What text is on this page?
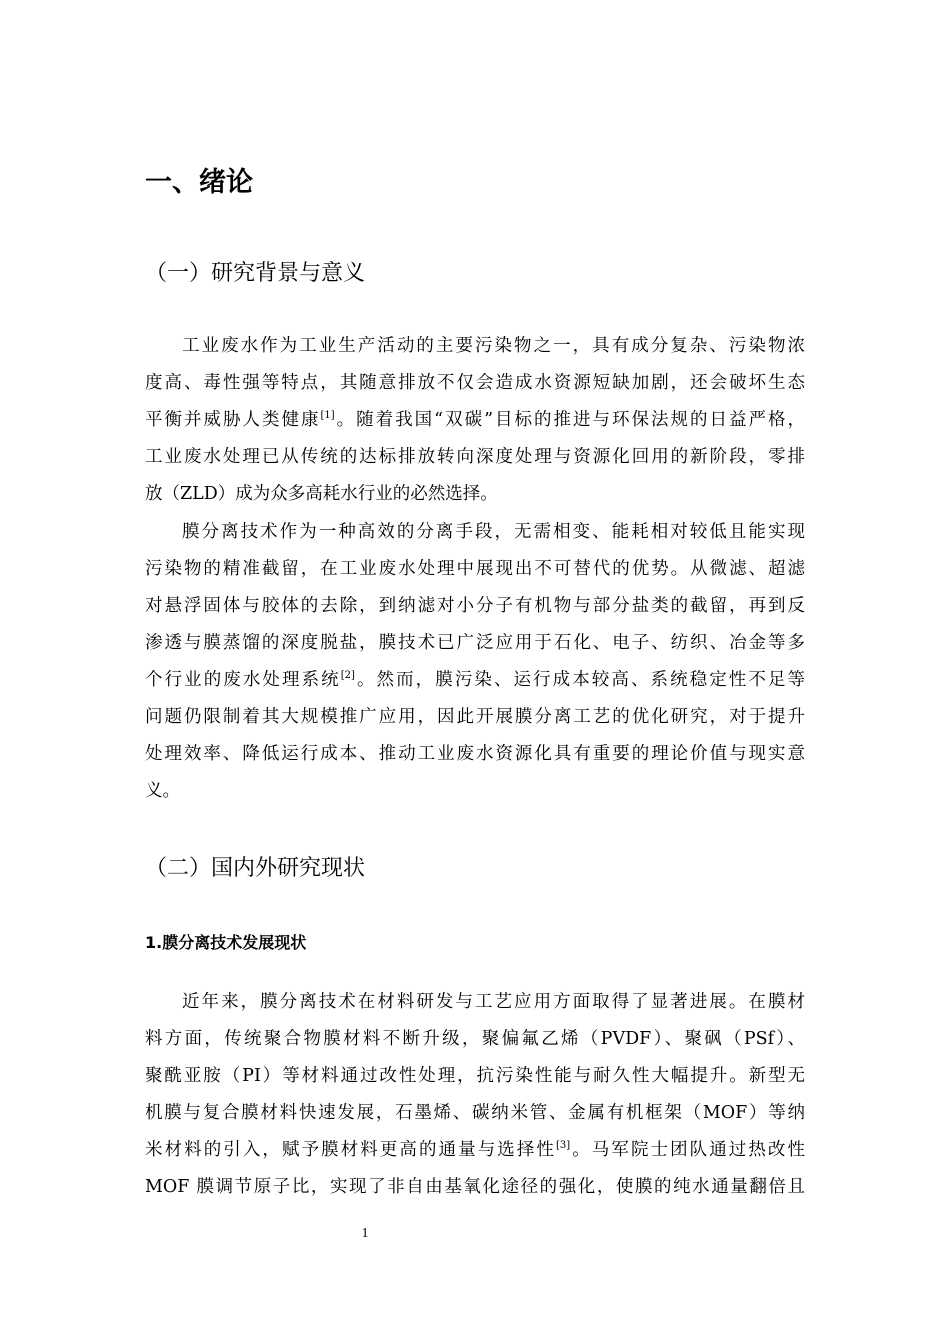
一、绪论
（一）研究背景与意义
工业废水作为工业生产活动的主要污染物之一，具有成分复杂、污染物浓
度高、毒性强等特点，其随意排放不仅会造成水资源短缺加剧，还会破坏生态
平衡并威胁人类健康[1]。随着我国“双碳”目标的推进与环保法规的日益严格，
工业废水处理已从传统的达标排放转向深度处理与资源化回用的新阶段，零排
放（ZLD）成为众多高耗水行业的必然选择。
膜分离技术作为一种高效的分离手段，无需相变、能耗相对较低且能实现
污染物的精准截留，在工业废水处理中展现出不可替代的优势。从微滤、超滤
对悬浮固体与胶体的去除，到纳滤对小分子有机物与部分盐类的截留，再到反
渗透与膜蒸馏的深度脱盐，膜技术已广泛应用于石化、电子、纺织、冶金等多
个行业的废水处理系统[2]。然而，膜污染、运行成本较高、系统稳定性不足等
问题仍限制着其大规模推广应用，因此开展膜分离工艺的优化研究，对于提升
处理效率、降低运行成本、推动工业废水资源化具有重要的理论价值与现实意
义。
（二）国内外研究现状
1.膜分离技术发展现状
近年来，膜分离技术在材料研发与工艺应用方面取得了显著进展。在膜材
料方面，传统聚合物膜材料不断升级，聚偏氟乙烯（PVDF）、聚砜（PSf）、
聚酰亚胺（PI）等材料通过改性处理，抗污染性能与耐久性大幅提升。新型无
机膜与复合膜材料快速发展，石墨烯、碳纳米管、金属有机框架（MOF）等纳
米材料的引入，赋予膜材料更高的通量与选择性[3]。马军院士团队通过热改性
MOF 膜调节原子比，实现了非自由基氧化途径的强化，使膜的纯水通量翻倍且
1
